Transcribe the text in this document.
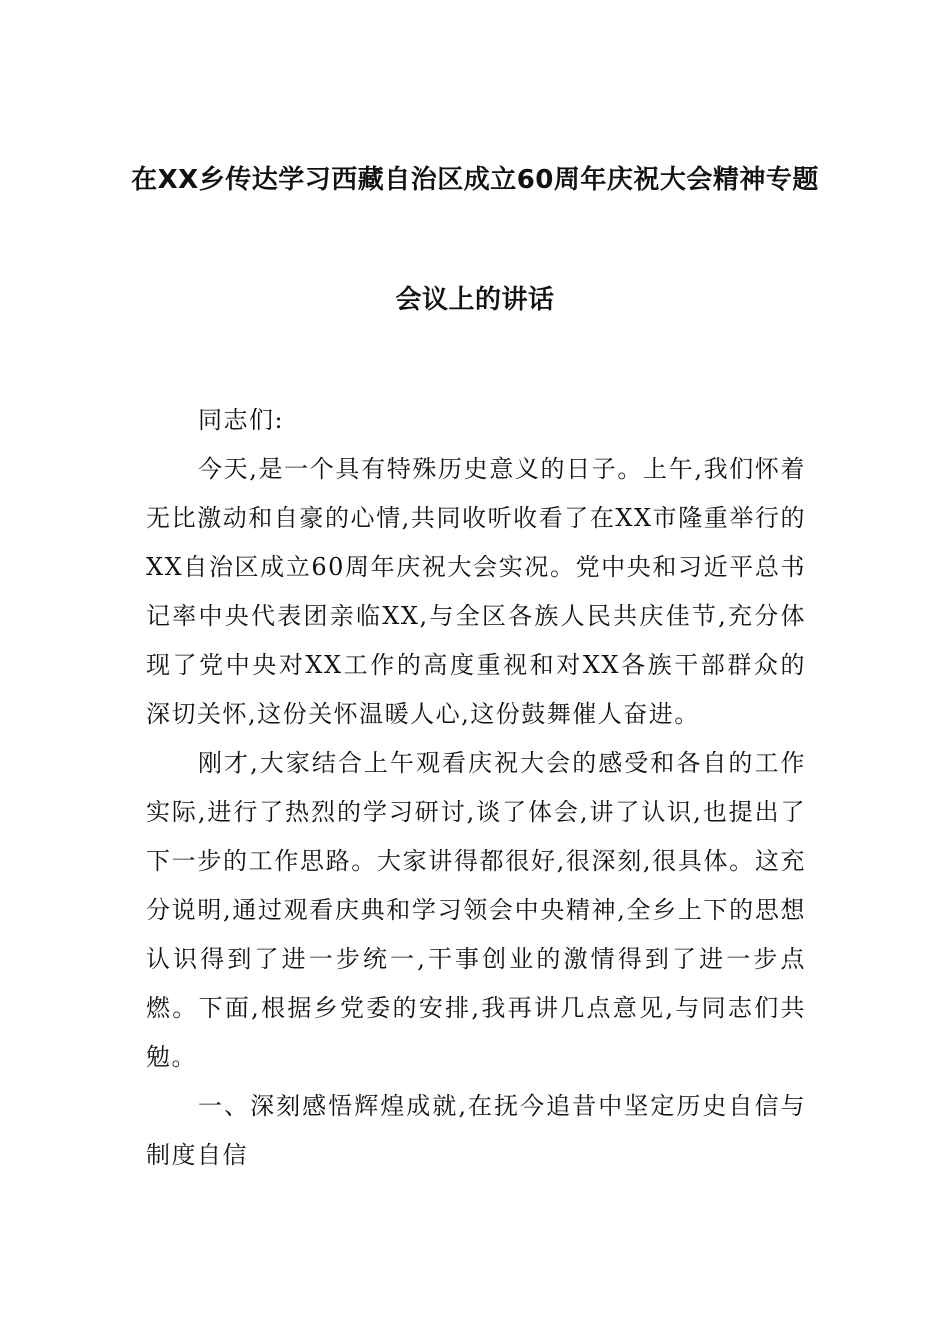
在XX乡传达学习西藏自治区成立60周年庆祝大会精神专题
会议上的讲话

同志们:

今天,是一个具有特殊历史意义的日子。上午,我们怀着无比激动和自豪的心情,共同收听收看了在XX市隆重举行的XX自治区成立60周年庆祝大会实况。党中央和习近平总书记率中央代表团亲临XX,与全区各族人民共庆佳节,充分体现了党中央对XX工作的高度重视和对XX各族干部群众的深切关怀,这份关怀温暖人心,这份鼓舞催人奋进。

刚才,大家结合上午观看庆祝大会的感受和各自的工作实际,进行了热烈的学习研讨,谈了体会,讲了认识,也提出了下一步的工作思路。大家讲得都很好,很深刻,很具体。这充分说明,通过观看庆典和学习领会中央精神,全乡上下的思想认识得到了进一步统一,干事创业的激情得到了进一步点燃。下面,根据乡党委的安排,我再讲几点意见,与同志们共勉。

一、深刻感悟辉煌成就,在抚今追昔中坚定历史自信与制度自信
